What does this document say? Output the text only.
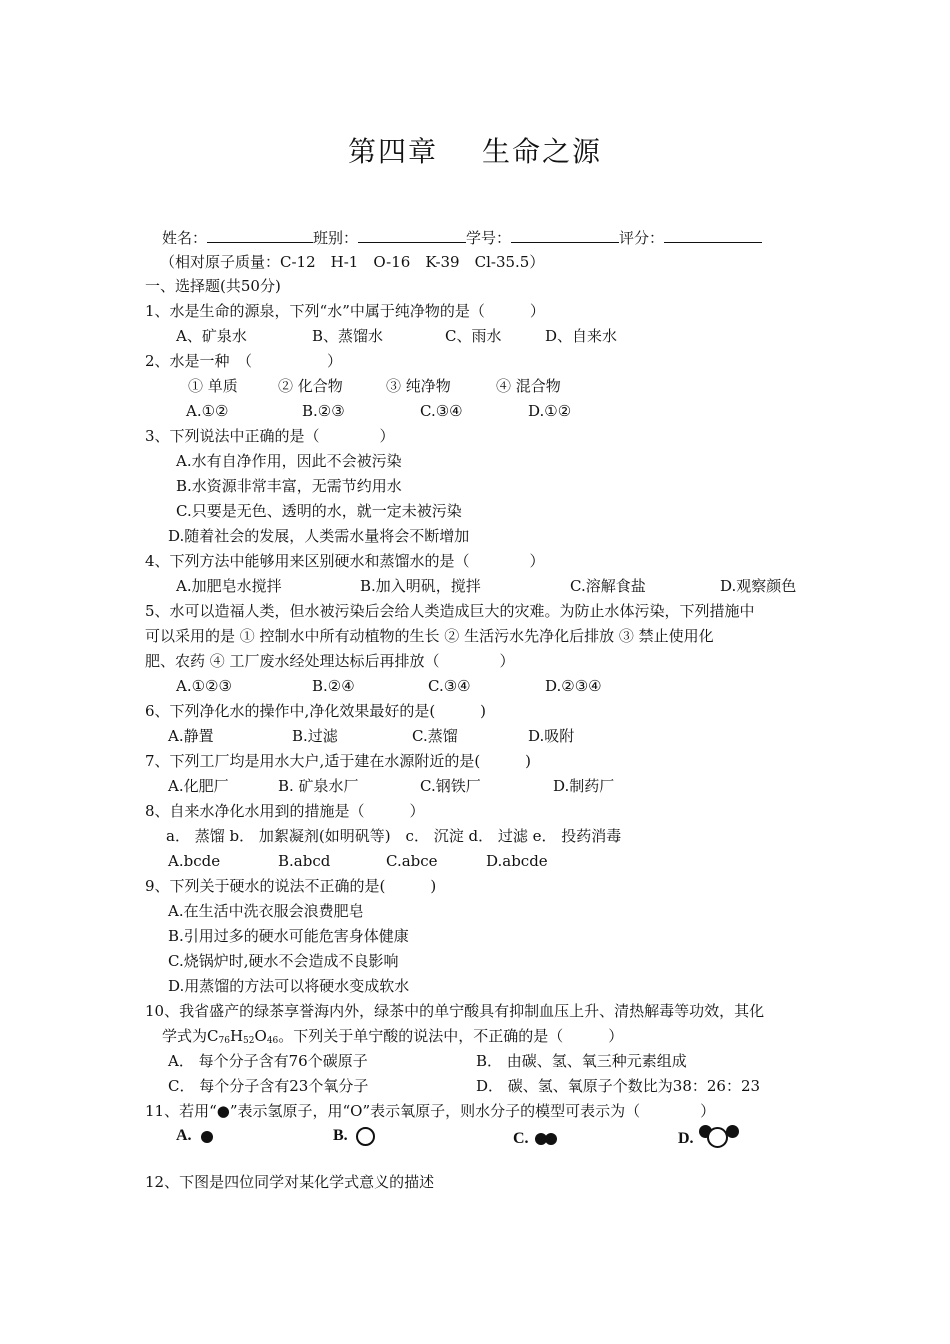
第四章 生命之源
姓名：	班别：	学号：	评分：
（相对原子质量：C-12　H-1　O-16　K-39　Cl-35.5）
一、选择题(共50分)
1、水是生命的源泉，下列“水”中属于纯净物的是（　　　）
A、矿泉水	B、蒸馏水	C、雨水	D、自来水
2、水是一种　（　　　　　）
① 单质	② 化合物	③ 纯净物	④ 混合物
A.①②	B.②③	C.③④	D.①②
3、下列说法中正确的是（　　　　）
A.水有自净作用，因此不会被污染
B.水资源非常丰富，无需节约用水
C.只要是无色、透明的水，就一定未被污染
D.随着社会的发展，人类需水量将会不断增加
4、下列方法中能够用来区别硬水和蒸馏水的是（　　　　）
A.加肥皂水搅拌	B.加入明矾，搅拌	C.溶解食盐	D.观察颜色
5、水可以造福人类，但水被污染后会给人类造成巨大的灾难。为防止水体污染，下列措施中
可以采用的是 ① 控制水中所有动植物的生长 ② 生活污水先净化后排放 ③ 禁止使用化
肥、农药 ④ 工厂废水经处理达标后再排放（　　　　）
A.①②③	B.②④	C.③④	D.②③④
6、下列净化水的操作中,净化效果最好的是(　　　)
A.静置	B.过滤	C.蒸馏	D.吸附
7、下列工厂均是用水大户,适于建在水源附近的是(　　　)
A.化肥厂	B. 矿泉水厂	C.钢铁厂	D.制药厂
8、自来水净化水用到的措施是（　　　）
a． 蒸馏 b． 加絮凝剂(如明矾等)　c． 沉淀 d． 过滤 e． 投药消毒
A.bcde	B.abcd	C.abce	D.abcde
9、下列关于硬水的说法不正确的是(　　　)
A.在生活中洗衣服会浪费肥皂
B.引用过多的硬水可能危害身体健康
C.烧锅炉时,硬水不会造成不良影响
D.用蒸馏的方法可以将硬水变成软水
10、我省盛产的绿茶享誉海内外，绿茶中的单宁酸具有抑制血压上升、清热解毒等功效，其化
学式为$C_{76}H_{52}O_{46}$。下列关于单宁酸的说法中，不正确的是（　　　）
A． 每个分子含有76个碳原子	B． 由碳、氢、氧三种元素组成
C． 每个分子含有23个氧分子	D． 碳、氢、氧原子个数比为38：26：23
11、若用“●”表示氢原子，用“O”表示氧原子，则水分子的模型可表示为（　　　　）
A.	B.	C.	D.
12、下图是四位同学对某化学式意义的描述
